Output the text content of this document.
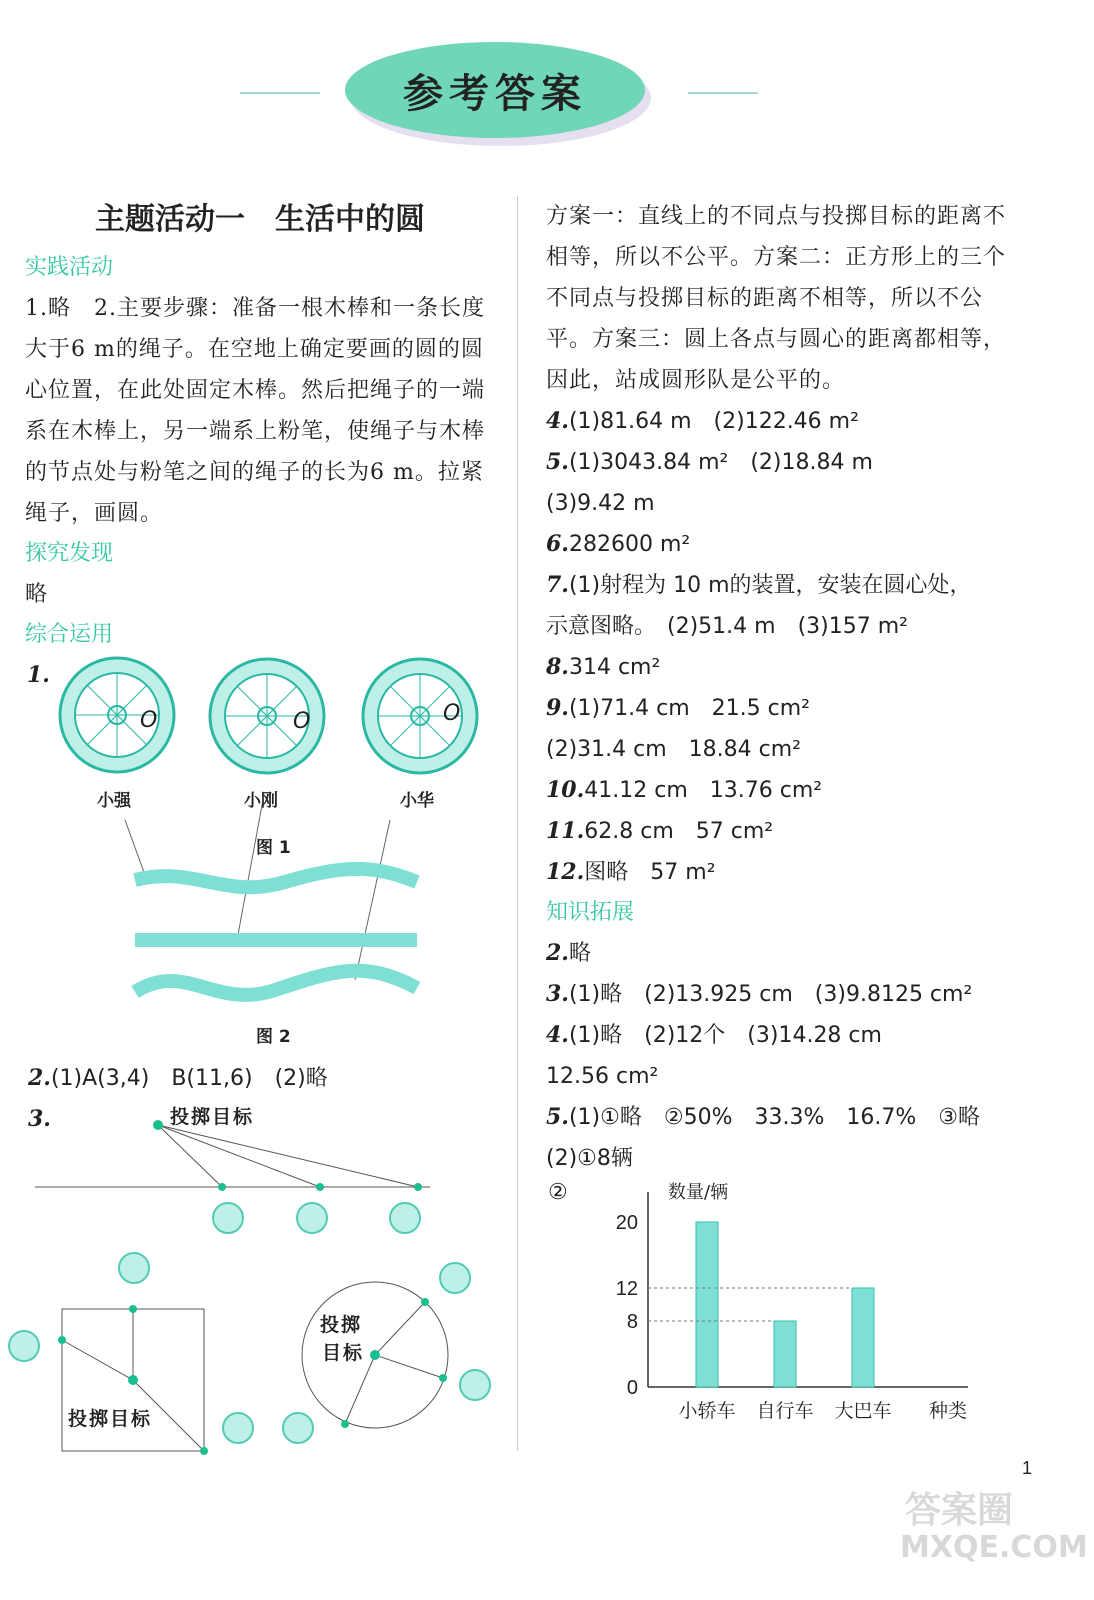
参考答案
主题活动一　生活中的圆
实践活动
1.略　2.主要步骤：准备一根木棒和一条长度大于6 m的绳子。在空地上确定要画的圆的圆心位置，在此处固定木棒。然后把绳子的一端系在木棒上，另一端系上粉笔，使绳子与木棒的节点处与粉笔之间的绳子的长为6 m。拉紧绳子，画圆。
探究发现
略
综合运用
1.
O	O	O
小强	小刚	小华
图 1
图 2
2.(1)A(3,4)　B(11,6)　(2)略
3.	投掷目标
投掷目标
投掷
目标
方案一：直线上的不同点与投掷目标的距离不相等，所以不公平。方案二：正方形上的三个不同点与投掷目标的距离不相等，所以不公平。方案三：圆上各点与圆心的距离都相等，因此，站成圆形队是公平的。
4.(1)81.64 m　(2)122.46 m²
5.(1)3043.84 m²　(2)18.84 m
(3)9.42 m
6.282600 m²
7.(1)射程为 10 m的装置，安装在圆心处，
示意图略。　(2)51.4 m　(3)157 m²
8.314 cm²
9.(1)71.4 cm　21.5 cm²
(2)31.4 cm　18.84 cm²
10.41.12 cm　13.76 cm²
11.62.8 cm　57 cm²
12.图略　57 m²
知识拓展
2.略
3.(1)略　(2)13.925 cm　(3)9.8125 cm²
4.(1)略　(2)12个　(3)14.28 cm
12.56 cm²
5.(1)①略　②50%　33.3%　16.7%　③略
(2)①8辆
②	数量/辆
0
8
12
20
小轿车 自行车 大巴车 种类
1
答案圈
MXQE.COM
